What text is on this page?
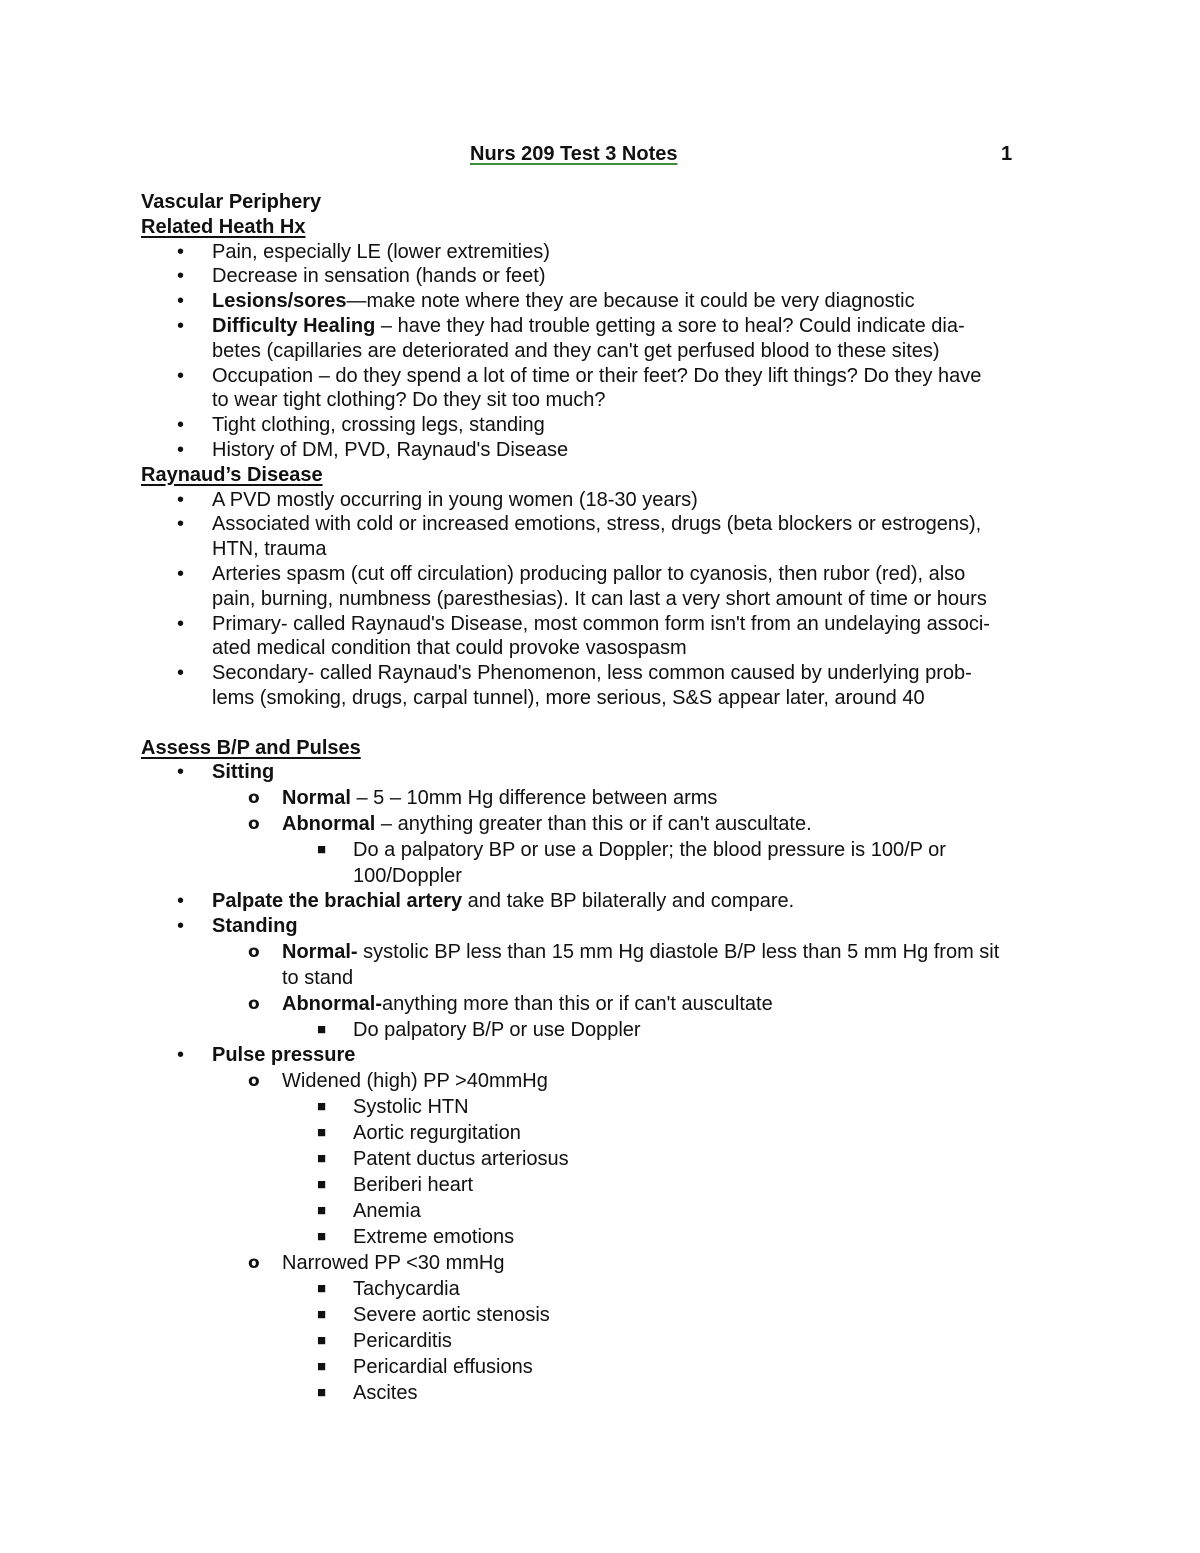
Nurs 209 Test 3 Notes	1
Vascular Periphery
Related Heath Hx
• Pain, especially LE (lower extremities)
• Decrease in sensation (hands or feet)
• Lesions/sores—make note where they are because it could be very diagnostic
• Difficulty Healing – have they had trouble getting a sore to heal? Could indicate dia-
betes (capillaries are deteriorated and they can't get perfused blood to these sites)
• Occupation – do they spend a lot of time or their feet? Do they lift things? Do they have
to wear tight clothing? Do they sit too much?
• Tight clothing, crossing legs, standing
• History of DM, PVD, Raynaud's Disease
Raynaud’s Disease
• A PVD mostly occurring in young women (18-30 years)
• Associated with cold or increased emotions, stress, drugs (beta blockers or estrogens),
HTN, trauma
• Arteries spasm (cut off circulation) producing pallor to cyanosis, then rubor (red), also
pain, burning, numbness (paresthesias). It can last a very short amount of time or hours
• Primary- called Raynaud's Disease, most common form isn't from an undelaying associ-
ated medical condition that could provoke vasospasm
• Secondary- called Raynaud's Phenomenon, less common caused by underlying prob-
lems (smoking, drugs, carpal tunnel), more serious, S&S appear later, around 40
Assess B/P and Pulses
• Sitting
o Normal – 5 – 10mm Hg difference between arms
o Abnormal – anything greater than this or if can't auscultate.
■ Do a palpatory BP or use a Doppler; the blood pressure is 100/P or
100/Doppler
• Palpate the brachial artery and take BP bilaterally and compare.
• Standing
o Normal- systolic BP less than 15 mm Hg diastole B/P less than 5 mm Hg from sit
to stand
o Abnormal-anything more than this or if can't auscultate
■ Do palpatory B/P or use Doppler
• Pulse pressure
o Widened (high) PP >40mmHg
■ Systolic HTN
■ Aortic regurgitation
■ Patent ductus arteriosus
■ Beriberi heart
■ Anemia
■ Extreme emotions
o Narrowed PP <30 mmHg
■ Tachycardia
■ Severe aortic stenosis
■ Pericarditis
■ Pericardial effusions
■ Ascites
